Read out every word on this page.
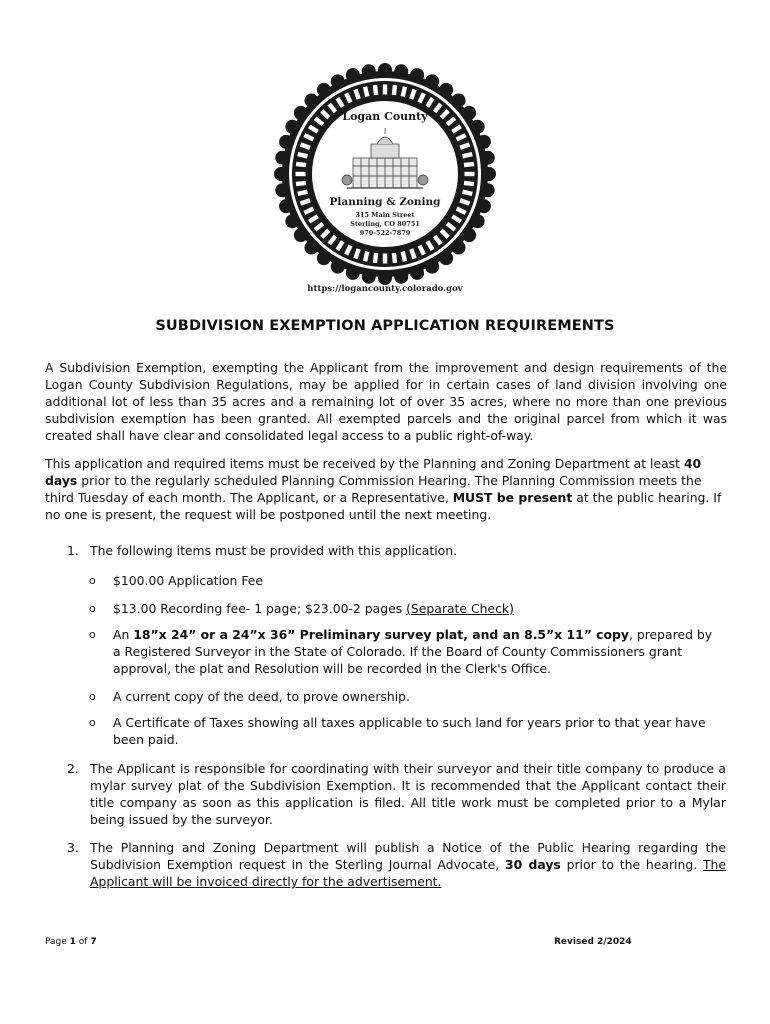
Logan County
Planning & Zoning
315 Main Street
Sterling, CO 80751
970-522-7879
https://logancounty.colorado.gov
SUBDIVISION EXEMPTION APPLICATION REQUIREMENTS
A Subdivision Exemption, exempting the Applicant from the improvement and design requirements of the Logan County Subdivision Regulations, may be applied for in certain cases of land division involving one additional lot of less than 35 acres and a remaining lot of over 35 acres, where no more than one previous subdivision exemption has been granted. All exempted parcels and the original parcel from which it was created shall have clear and consolidated legal access to a public right-of-way.
This application and required items must be received by the Planning and Zoning Department at least 40 days prior to the regularly scheduled Planning Commission Hearing. The Planning Commission meets the third Tuesday of each month. The Applicant, or a Representative, MUST be present at the public hearing. If no one is present, the request will be postponed until the next meeting.
1. The following items must be provided with this application.
o $100.00 Application Fee
o $13.00 Recording fee- 1 page; $23.00-2 pages (Separate Check)
o An 18”x 24” or a 24”x 36” Preliminary survey plat, and an 8.5”x 11” copy, prepared by a Registered Surveyor in the State of Colorado. If the Board of County Commissioners grant approval, the plat and Resolution will be recorded in the Clerk's Office.
o A current copy of the deed, to prove ownership.
o A Certificate of Taxes showing all taxes applicable to such land for years prior to that year have been paid.
2. The Applicant is responsible for coordinating with their surveyor and their title company to produce a mylar survey plat of the Subdivision Exemption. It is recommended that the Applicant contact their title company as soon as this application is filed. All title work must be completed prior to a Mylar being issued by the surveyor.
3. The Planning and Zoning Department will publish a Notice of the Public Hearing regarding the Subdivision Exemption request in the Sterling Journal Advocate, 30 days prior to the hearing. The Applicant will be invoiced directly for the advertisement.
Page 1 of 7	Revised 2/2024
